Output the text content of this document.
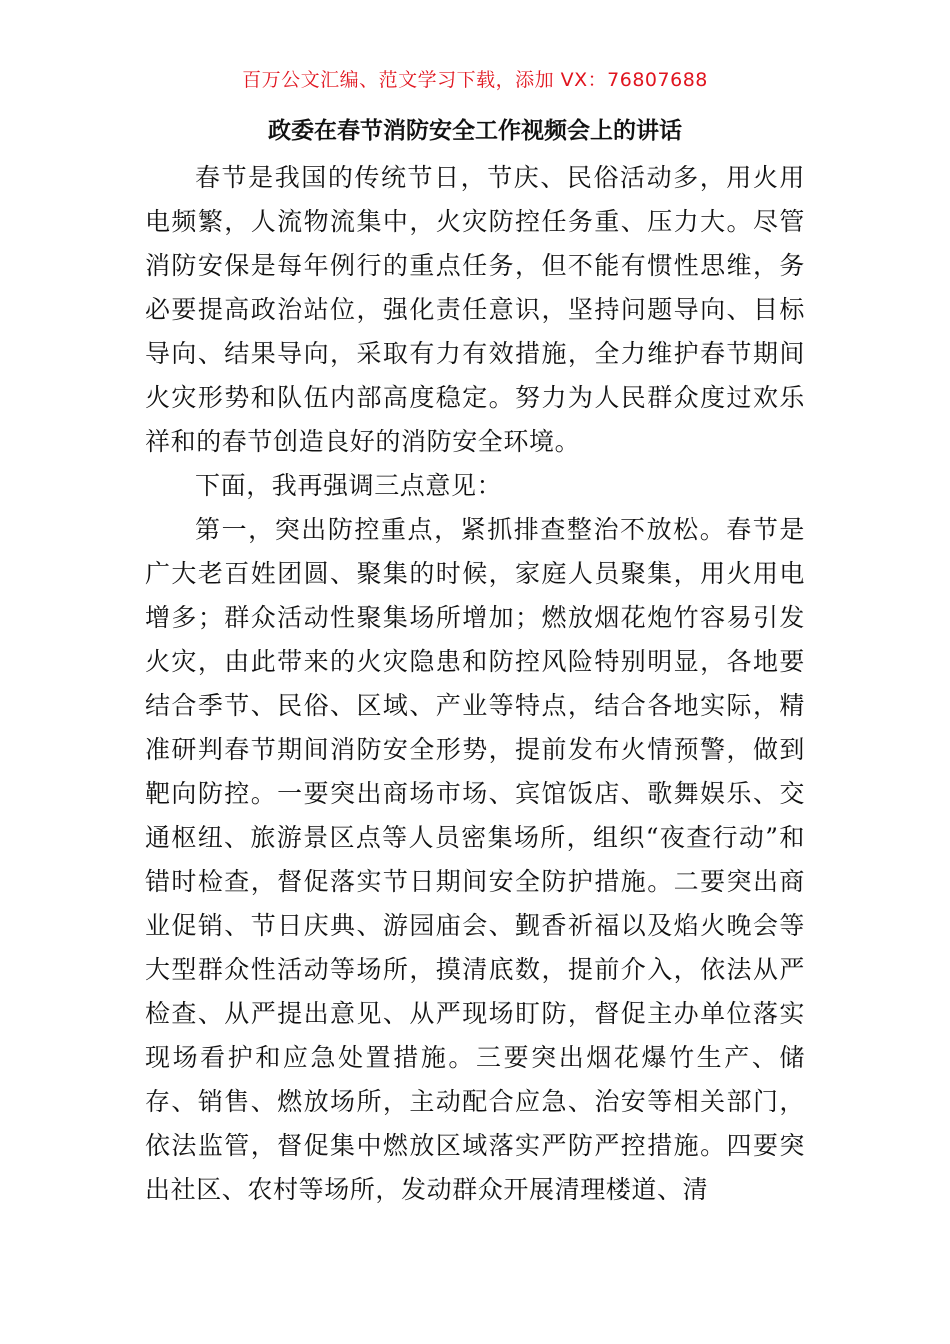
百万公文汇编、范文学习下载，添加 VX：76807688
政委在春节消防安全工作视频会上的讲话

春节是我国的传统节日，节庆、民俗活动多，用火用电频繁，人流物流集中，火灾防控任务重、压力大。尽管消防安保是每年例行的重点任务，但不能有惯性思维，务必要提高政治站位，强化责任意识，坚持问题导向、目标导向、结果导向，采取有力有效措施，全力维护春节期间火灾形势和队伍内部高度稳定。努力为人民群众度过欢乐祥和的春节创造良好的消防安全环境。

下面，我再强调三点意见：

第一，突出防控重点，紧抓排查整治不放松。春节是广大老百姓团圆、聚集的时候，家庭人员聚集，用火用电增多；群众活动性聚集场所增加；燃放烟花炮竹容易引发火灾，由此带来的火灾隐患和防控风险特别明显，各地要结合季节、民俗、区域、产业等特点，结合各地实际，精准研判春节期间消防安全形势，提前发布火情预警，做到靶向防控。一要突出商场市场、宾馆饭店、歌舞娱乐、交通枢纽、旅游景区点等人员密集场所，组织“夜查行动”和错时检查，督促落实节日期间安全防护措施。二要突出商业促销、节日庆典、游园庙会、觐香祈福以及焰火晚会等大型群众性活动等场所，摸清底数，提前介入，依法从严检查、从严提出意见、从严现场盯防，督促主办单位落实现场看护和应急处置措施。三要突出烟花爆竹生产、储存、销售、燃放场所，主动配合应急、治安等相关部门，依法监管，督促集中燃放区域落实严防严控措施。四要突出社区、农村等场所，发动群众开展清理楼道、清
